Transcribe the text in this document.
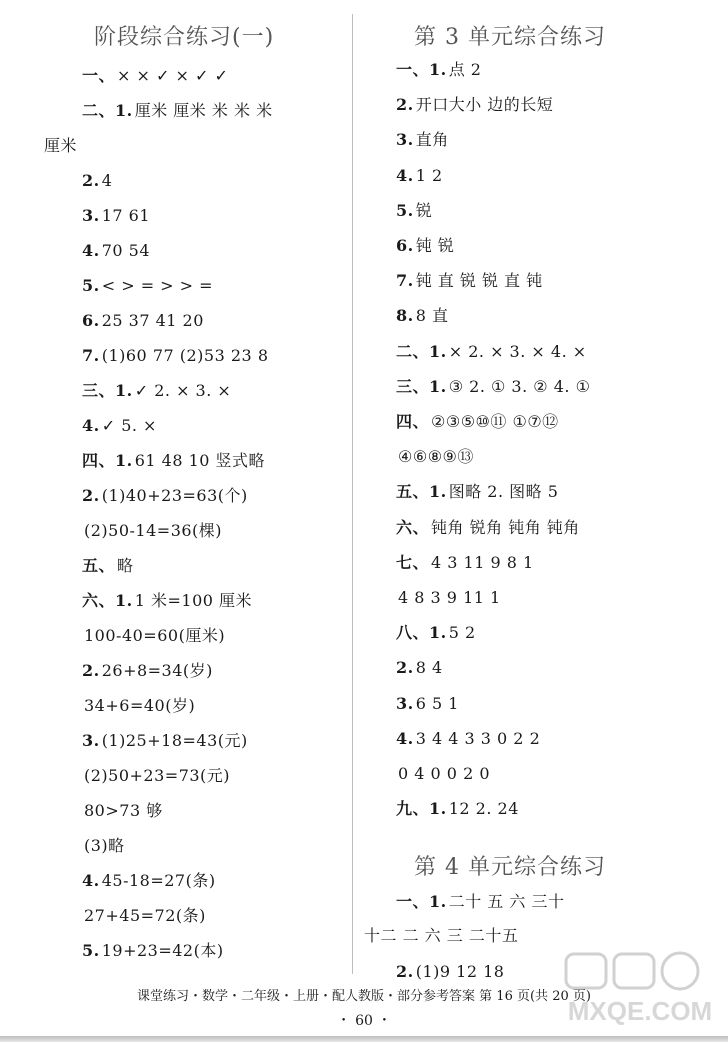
阶段综合练习(一)
一、 × × ✓ × ✓ ✓
二、1. 厘米 厘米 米 米 米
厘米
2. 4
3. 17 61
4. 70 54
5. < > = > > =
6. 25 37 41 20
7. (1)60 77 (2)53 23 8
三、1. ✓ 2. × 3. ×
4. ✓ 5. ×
四、1. 61 48 10 竖式略
2. (1)40+23=63(个)
(2)50-14=36(棵)
五、 略
六、1. 1 米=100 厘米
100-40=60(厘米)
2. 26+8=34(岁)
34+6=40(岁)
3. (1)25+18=43(元)
(2)50+23=73(元)
80>73 够
(3)略
4. 45-18=27(条)
27+45=72(条)
5. 19+23=42(本)
第 3 单元综合练习
一、1. 点 2
2. 开口大小 边的长短
3. 直角
4. 1 2
5. 锐
6. 钝 锐
7. 钝 直 锐 锐 直 钝
8. 8 直
二、1. × 2. × 3. × 4. ×
三、1. ③ 2. ① 3. ② 4. ①
四、 ②③⑤⑩⑪ ①⑦⑫
④⑥⑧⑨⑬
五、1. 图略 2. 图略 5
六、 钝角 锐角 钝角 钝角
七、 4 3 11 9 8 1
4 8 3 9 11 1
八、1. 5 2
2. 8 4
3. 6 5 1
4. 3 4 4 3 3 0 2 2
0 4 0 0 2 0
九、1. 12 2. 24
第 4 单元综合练习
一、1. 二十 五 六 三十
十二 二 六 三 二十五
2. (1)9 12 18
课堂练习・数学・二年级・上册・配人教版・部分参考答案 第 16 页(共 20 页)
・ 60 ・	MXQE.COM
